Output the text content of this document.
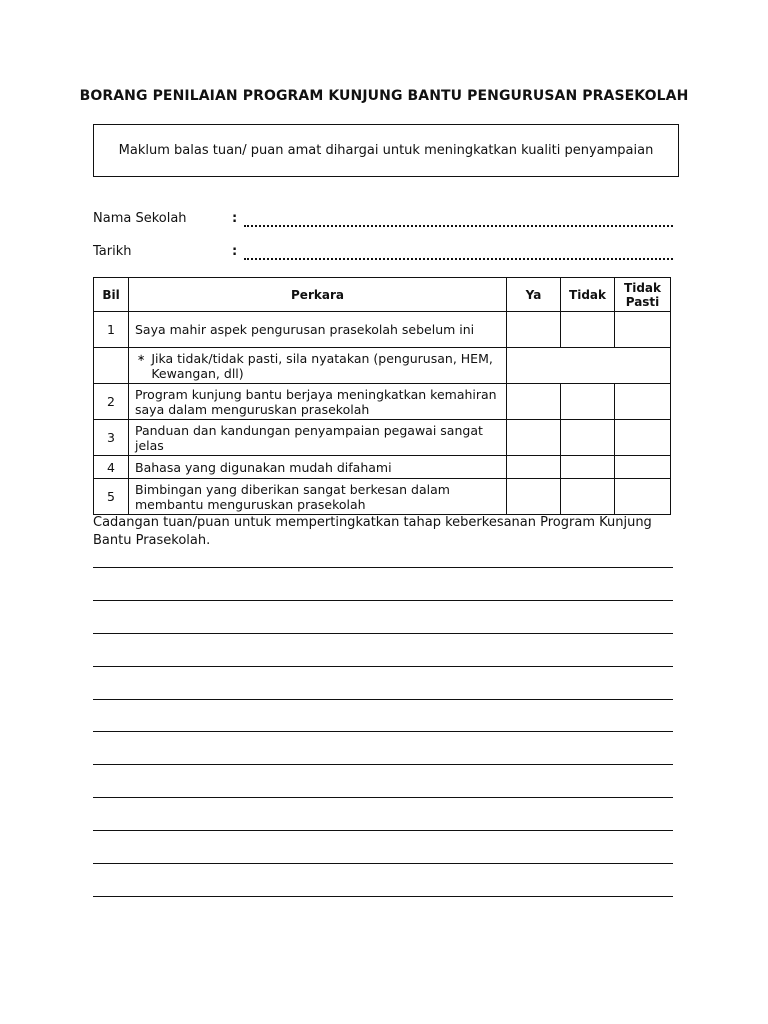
BORANG PENILAIAN PROGRAM KUNJUNG BANTU PENGURUSAN PRASEKOLAH
Maklum balas tuan/ puan amat dihargai untuk meningkatkan kualiti penyampaian
Nama Sekolah	:
Tarikh	:
Bil	Perkara	Ya	Tidak	Tidak Pasti
1	Saya mahir aspek pengurusan prasekolah sebelum ini			

	∗ Jika tidak/tidak pasti, sila nyatakan (pengurusan, HEM, Kewangan, dll)			

2	Program kunjung bantu berjaya meningkatkan kemahiran saya dalam menguruskan prasekolah			
3	Panduan dan kandungan penyampaian pegawai sangat jelas			
4	Bahasa yang digunakan mudah difahami			
5	Bimbingan yang diberikan sangat berkesan dalam membantu menguruskan prasekolah			
Cadangan tuan/puan untuk mempertingkatkan tahap keberkesanan Program Kunjung Bantu Prasekolah.
